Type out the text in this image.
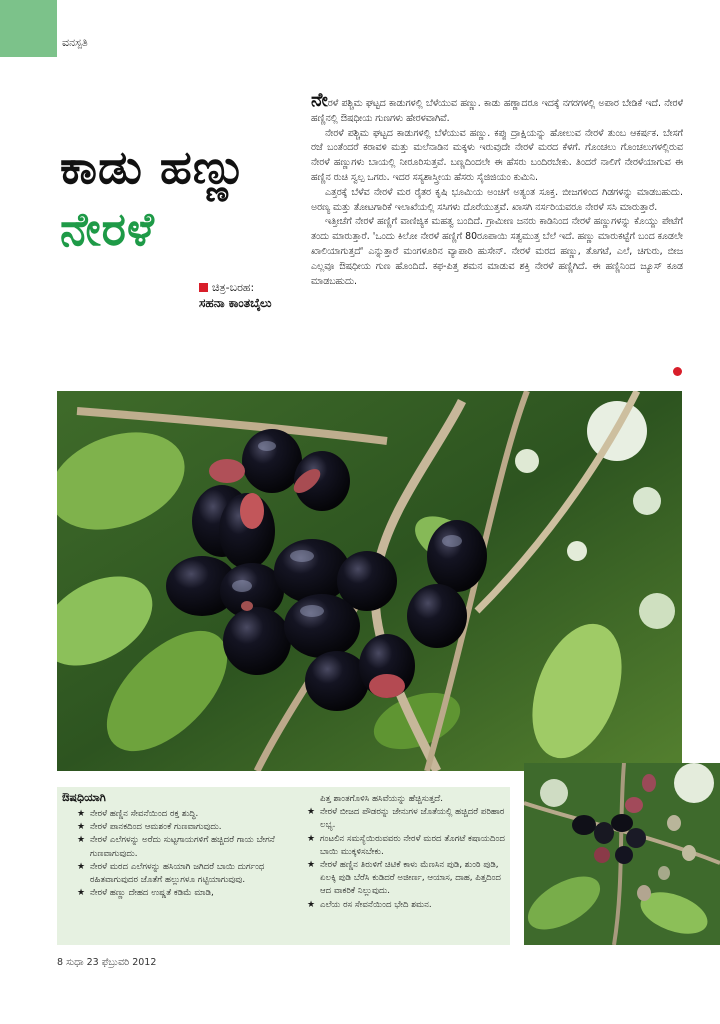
ವನಸ್ಪತಿ
ಕಾಡು ಹಣ್ಣು
ನೇರಳೆ
ಚಿತ್ರ-ಬರಹ:
ಸಹನಾ ಕಾಂತಬೈಲು

ನೇರಳೆ ಪಶ್ಚಿಮ ಘಟ್ಟದ ಕಾಡುಗಳಲ್ಲಿ ಬೆಳೆಯುವ ಹಣ್ಣು. ಕಾಡು ಹಣ್ಣಾದರೂ ಇದಕ್ಕೆ ನಗರಗಳಲ್ಲಿ ಅಪಾರ ಬೇಡಿಕೆ ಇದೆ. ನೇರಳೆ ಹಣ್ಣಿನಲ್ಲಿ ಔಷಧೀಯ ಗುಣಗಳು ಹೇರಳವಾಗಿವೆ.

ನೇರಳೆ ಪಶ್ಚಿಮ ಘಟ್ಟದ ಕಾಡುಗಳಲ್ಲಿ ಬೆಳೆಯುವ ಹಣ್ಣು. ಕಪ್ಪು ದ್ರಾಕ್ಷಿಯನ್ನು ಹೋಲುವ ನೇರಳೆ ತುಂಬ ಆಕರ್ಷಕ. ಬೇಸಗೆ ರಜೆ ಬಂತೆಂದರೆ ಕರಾವಳಿ ಮತ್ತು ಮಲೆನಾಡಿನ ಮಕ್ಕಳು ಇರುವುದೇ ನೇರಳೆ ಮರದ ಕೆಳಗೆ. ಗೊಂಚಲು ಗೊಂಚಲುಗಳಲ್ಲಿರುವ ನೇರಳೆ ಹಣ್ಣುಗಳು ಬಾಯಲ್ಲಿ ನೀರೂರಿಸುತ್ತವೆ. ಬಣ್ಣದಿಂದಲೇ ಈ ಹೆಸರು ಬಂದಿರಬೇಕು. ತಿಂದರೆ ನಾಲಿಗೆ ನೇರಳೆಯಾಗುವ ಈ ಹಣ್ಣಿನ ರುಚಿ ಸ್ವಲ್ಪ ಒಗರು. ಇದರ ಸಸ್ಯಶಾಸ್ತ್ರೀಯ ಹೆಸರು ಸೈಜಿಜಿಯಂ ಕುಮಿನಿ.

ಎತ್ತರಕ್ಕೆ ಬೆಳೆವ ನೇರಳೆ ಮರ ರೈತರ ಕೃಷಿ ಭೂಮಿಯ ಅಂಚಿಗೆ ಅತ್ಯಂತ ಸೂಕ್ತ. ಬೀಜಗಳಿಂದ ಗಿಡಗಳನ್ನು ಮಾಡಬಹುದು. ಅರಣ್ಯ ಮತ್ತು ತೋಟಗಾರಿಕೆ ಇಲಾಖೆಯಲ್ಲಿ ಸಸಿಗಳು ದೊರೆಯುತ್ತವೆ. ಖಾಸಗಿ ನರ್ಸರಿಯವರೂ ನೇರಳೆ ಸಸಿ ಮಾರುತ್ತಾರೆ.

ಇತ್ತೀಚೆಗೆ ನೇರಳೆ ಹಣ್ಣಿಗೆ ವಾಣಿಜ್ಯಿಕ ಮಹತ್ವ ಬಂದಿದೆ. ಗ್ರಾಮೀಣ ಜನರು ಕಾಡಿನಿಂದ ನೇರಳೆ ಹಣ್ಣುಗಳನ್ನು ಕೊಯ್ದು ಪೇಟೆಗೆ ತಂದು ಮಾರುತ್ತಾರೆ. 'ಒಂದು ಕಿಲೋ ನೇರಳೆ ಹಣ್ಣಿಗೆ 80ರೂಪಾಯಿ ಸತ್ವಮುತ್ತ ಬೆಲೆ ಇದೆ. ಹಣ್ಣು ಮಾರುಕಟ್ಟೆಗೆ ಬಂದ ಕೂಡಲೇ ಖಾಲಿಯಾಗುತ್ತದೆ' ಎನ್ನುತ್ತಾರೆ ಮಂಗಳೂರಿನ ವ್ಯಾಪಾರಿ ಹುಸೇನ್. ನೇರಳೆ ಮರದ ಹಣ್ಣು, ತೊಗಟೆ, ಎಲೆ, ಚಿಗುರು, ಬೀಜ ಎಲ್ಲವೂ ಔಷಧೀಯ ಗುಣ ಹೊಂದಿದೆ. ಕಫ-ಪಿತ್ತ ಶಮನ ಮಾಡುವ ಶಕ್ತಿ ನೇರಳೆ ಹಣ್ಣಿಗಿದೆ. ಈ ಹಣ್ಣಿನಿಂದ ಜ್ಯೂಸ್ ಕೂಡ ಮಾಡಬಹುದು.

ಔಷಧಿಯಾಗಿ
★ ನೇರಳೆ ಹಣ್ಣಿನ ಸೇವನೆಯಿಂದ ರಕ್ತ ಶುದ್ಧಿ.
★ ನೇರಳೆ ಪಾನಕದಿಂದ ಆಮಶಂಕೆ ಗುಣವಾಗುವುದು.
★ ನೇರಳೆ ಎಲೆಗಳನ್ನು ಅರೆದು ಸುಟ್ಟಗಾಯಗಳಿಗೆ ಹಚ್ಚಿದರೆ ಗಾಯ ಬೇಗನೆ ಗುಣವಾಗುವುದು.
★ ನೇರಳೆ ಮರದ ಎಲೆಗಳನ್ನು ಹಸಿಯಾಗಿ ಜಗಿದರೆ ಬಾಯಿ ದುರ್ಗಂಧ ರಹಿತವಾಗುವುದರ ಜೊತೆಗೆ ಹಲ್ಲುಗಳೂ ಗಟ್ಟಿಯಾಗುವುವು.
★ ನೇರಳೆ ಹಣ್ಣು ದೇಹದ ಉಷ್ಣತೆ ಕಡಿಮೆ ಮಾಡಿ,
ಪಿತ್ತ ಶಾಂತಗೊಳಿಸಿ ಹಸಿವೆಯನ್ನು ಹೆಚ್ಚಿಸುತ್ತದೆ.
★ ನೇರಳೆ ಬೀಜದ ಪೌಡರನ್ನು ಜೇನುಗಳ ಜೊತೆಯಲ್ಲಿ ಹಚ್ಚಿದರೆ ಪರಿಹಾರ ಲಭ್ಯ.
★ ಗಂಟಲಿನ ಸಮಸ್ಯೆಯಿರುವವರು ನೇರಳೆ ಮರದ ತೊಗಟೆ ಕಷಾಯದಿಂದ ಬಾಯಿ ಮುಕ್ಕಳಿಸಬೇಕು.
★ ನೇರಳೆ ಹಣ್ಣಿನ ತಿರುಳಿಗೆ ಚಿಟಿಕೆ ಕಾಳು ಮೆಣಸಿನ ಪುಡಿ, ಶುಂಠಿ ಪುಡಿ, ಏಲಕ್ಕಿ ಪುಡಿ ಬೆರೆಸಿ ಕುಡಿದರೆ ಅಜೀರ್ಣ, ಆಯಾಸ, ದಾಹ, ಪಿತ್ತದಿಂದ ಆದ ವಾಕರಿಕೆ ನಿಲ್ಲುವುದು.
★ ಎಲೆಯ ರಸ ಸೇವನೆಯಿಂದ ಭೇದಿ ಶಮನ.
8 ಸುಧಾ 23 ಫೆಬ್ರುವರಿ 2012
